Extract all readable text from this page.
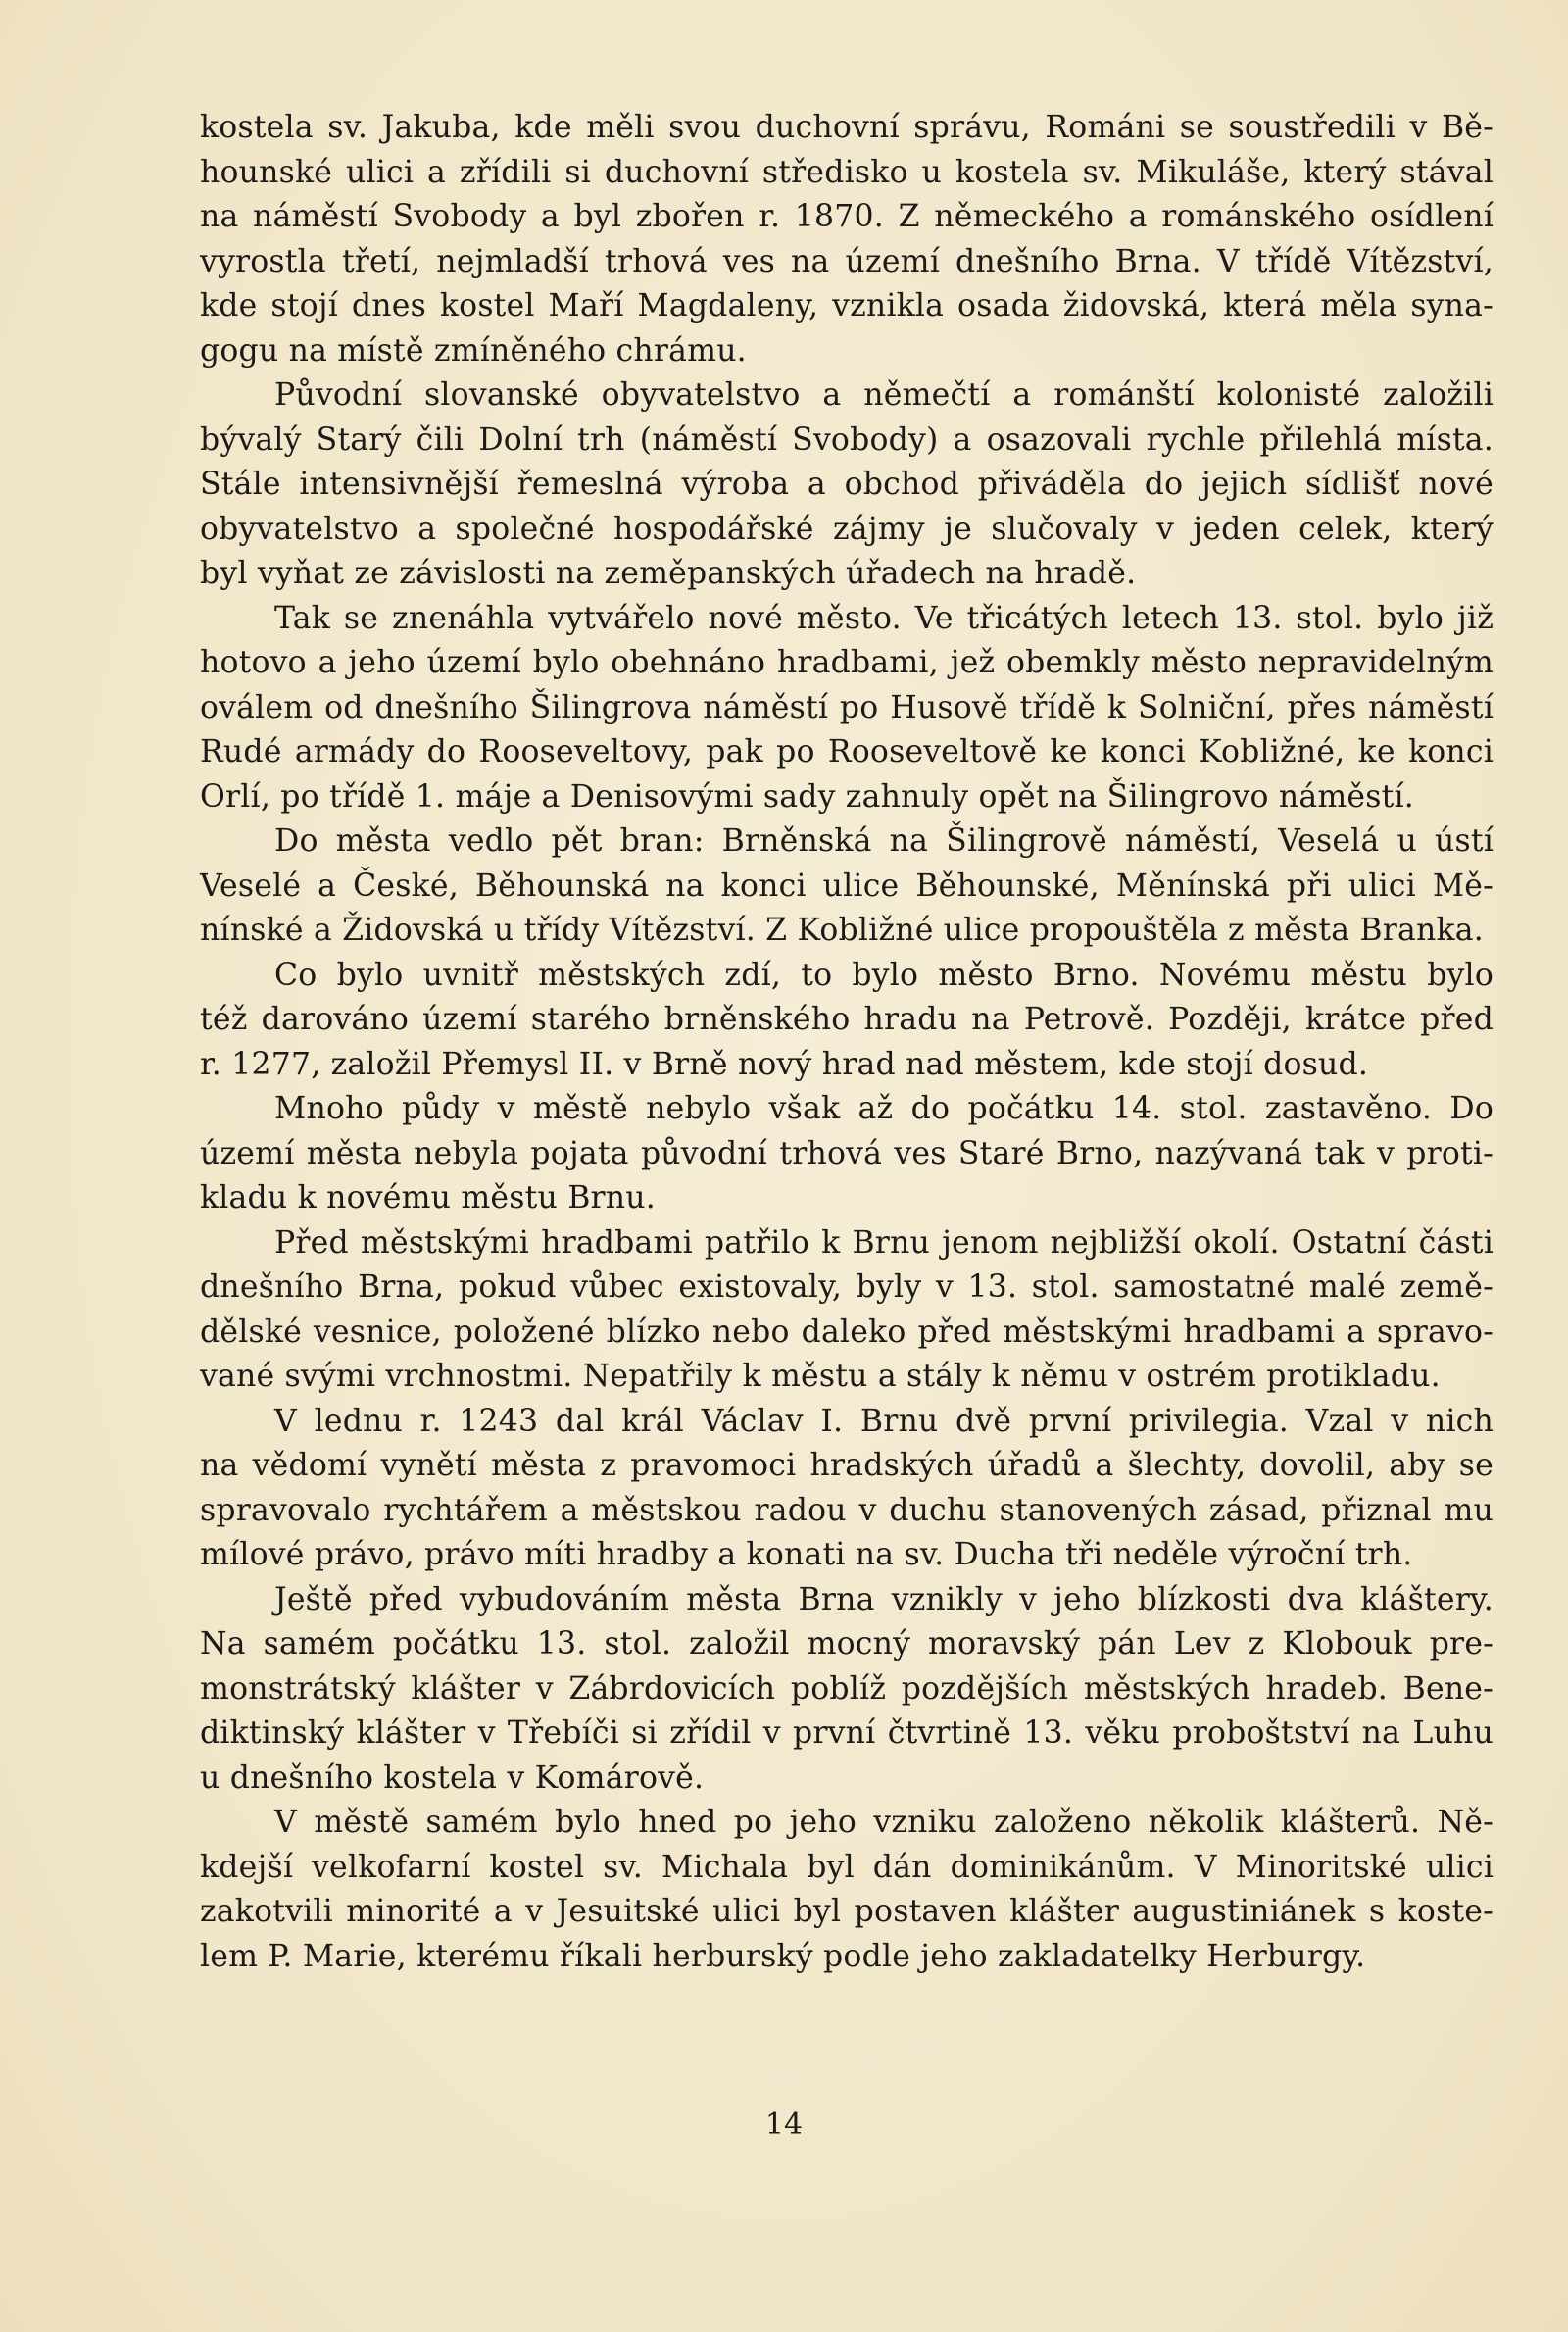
kostela sv. Jakuba, kde měli svou duchovní správu, Románi se soustředili v Bě-
hounské ulici a zřídili si duchovní středisko u kostela sv. Mikuláše, který stával
na náměstí Svobody a byl zbořen r. 1870. Z německého a románského osídlení
vyrostla třetí, nejmladší trhová ves na území dnešního Brna. V třídě Vítězství,
kde stojí dnes kostel Maří Magdaleny, vznikla osada židovská, která měla syna-
gogu na místě zmíněného chrámu.
Původní slovanské obyvatelstvo a němečtí a románští kolonisté založili
bývalý Starý čili Dolní trh (náměstí Svobody) a osazovali rychle přilehlá místa.
Stále intensivnější řemeslná výroba a obchod přiváděla do jejich sídlišť nové
obyvatelstvo a společné hospodářské zájmy je slučovaly v jeden celek, který
byl vyňat ze závislosti na zeměpanských úřadech na hradě.
Tak se znenáhla vytvářelo nové město. Ve třicátých letech 13. stol. bylo již
hotovo a jeho území bylo obehnáno hradbami, jež obemkly město nepravidelným
oválem od dnešního Šilingrova náměstí po Husově třídě k Solniční, přes náměstí
Rudé armády do Rooseveltovy, pak po Rooseveltově ke konci Kobližné, ke konci
Orlí, po třídě 1. máje a Denisovými sady zahnuly opět na Šilingrovo náměstí.
Do města vedlo pět bran: Brněnská na Šilingrově náměstí, Veselá u ústí
Veselé a České, Běhounská na konci ulice Běhounské, Měnínská při ulici Mě-
nínské a Židovská u třídy Vítězství. Z Kobližné ulice propouštěla z města Branka.
Co bylo uvnitř městských zdí, to bylo město Brno. Novému městu bylo
též darováno území starého brněnského hradu na Petrově. Později, krátce před
r. 1277, založil Přemysl II. v Brně nový hrad nad městem, kde stojí dosud.
Mnoho půdy v městě nebylo však až do počátku 14. stol. zastavěno. Do
území města nebyla pojata původní trhová ves Staré Brno, nazývaná tak v proti-
kladu k novému městu Brnu.
Před městskými hradbami patřilo k Brnu jenom nejbližší okolí. Ostatní části
dnešního Brna, pokud vůbec existovaly, byly v 13. stol. samostatné malé země-
dělské vesnice, položené blízko nebo daleko před městskými hradbami a spravo-
vané svými vrchnostmi. Nepatřily k městu a stály k němu v ostrém protikladu.
V lednu r. 1243 dal král Václav I. Brnu dvě první privilegia. Vzal v nich
na vědomí vynětí města z pravomoci hradských úřadů a šlechty, dovolil, aby se
spravovalo rychtářem a městskou radou v duchu stanovených zásad, přiznal mu
mílové právo, právo míti hradby a konati na sv. Ducha tři neděle výroční trh.
Ještě před vybudováním města Brna vznikly v jeho blízkosti dva kláštery.
Na samém počátku 13. stol. založil mocný moravský pán Lev z Klobouk pre-
monstrátský klášter v Zábrdovicích poblíž pozdějších městských hradeb. Bene-
diktinský klášter v Třebíči si zřídil v první čtvrtině 13. věku proboštství na Luhu
u dnešního kostela v Komárově.
V městě samém bylo hned po jeho vzniku založeno několik klášterů. Ně-
kdejší velkofarní kostel sv. Michala byl dán dominikánům. V Minoritské ulici
zakotvili minorité a v Jesuitské ulici byl postaven klášter augustiniánek s koste-
lem P. Marie, kterému říkali herburský podle jeho zakladatelky Herburgy.
14
